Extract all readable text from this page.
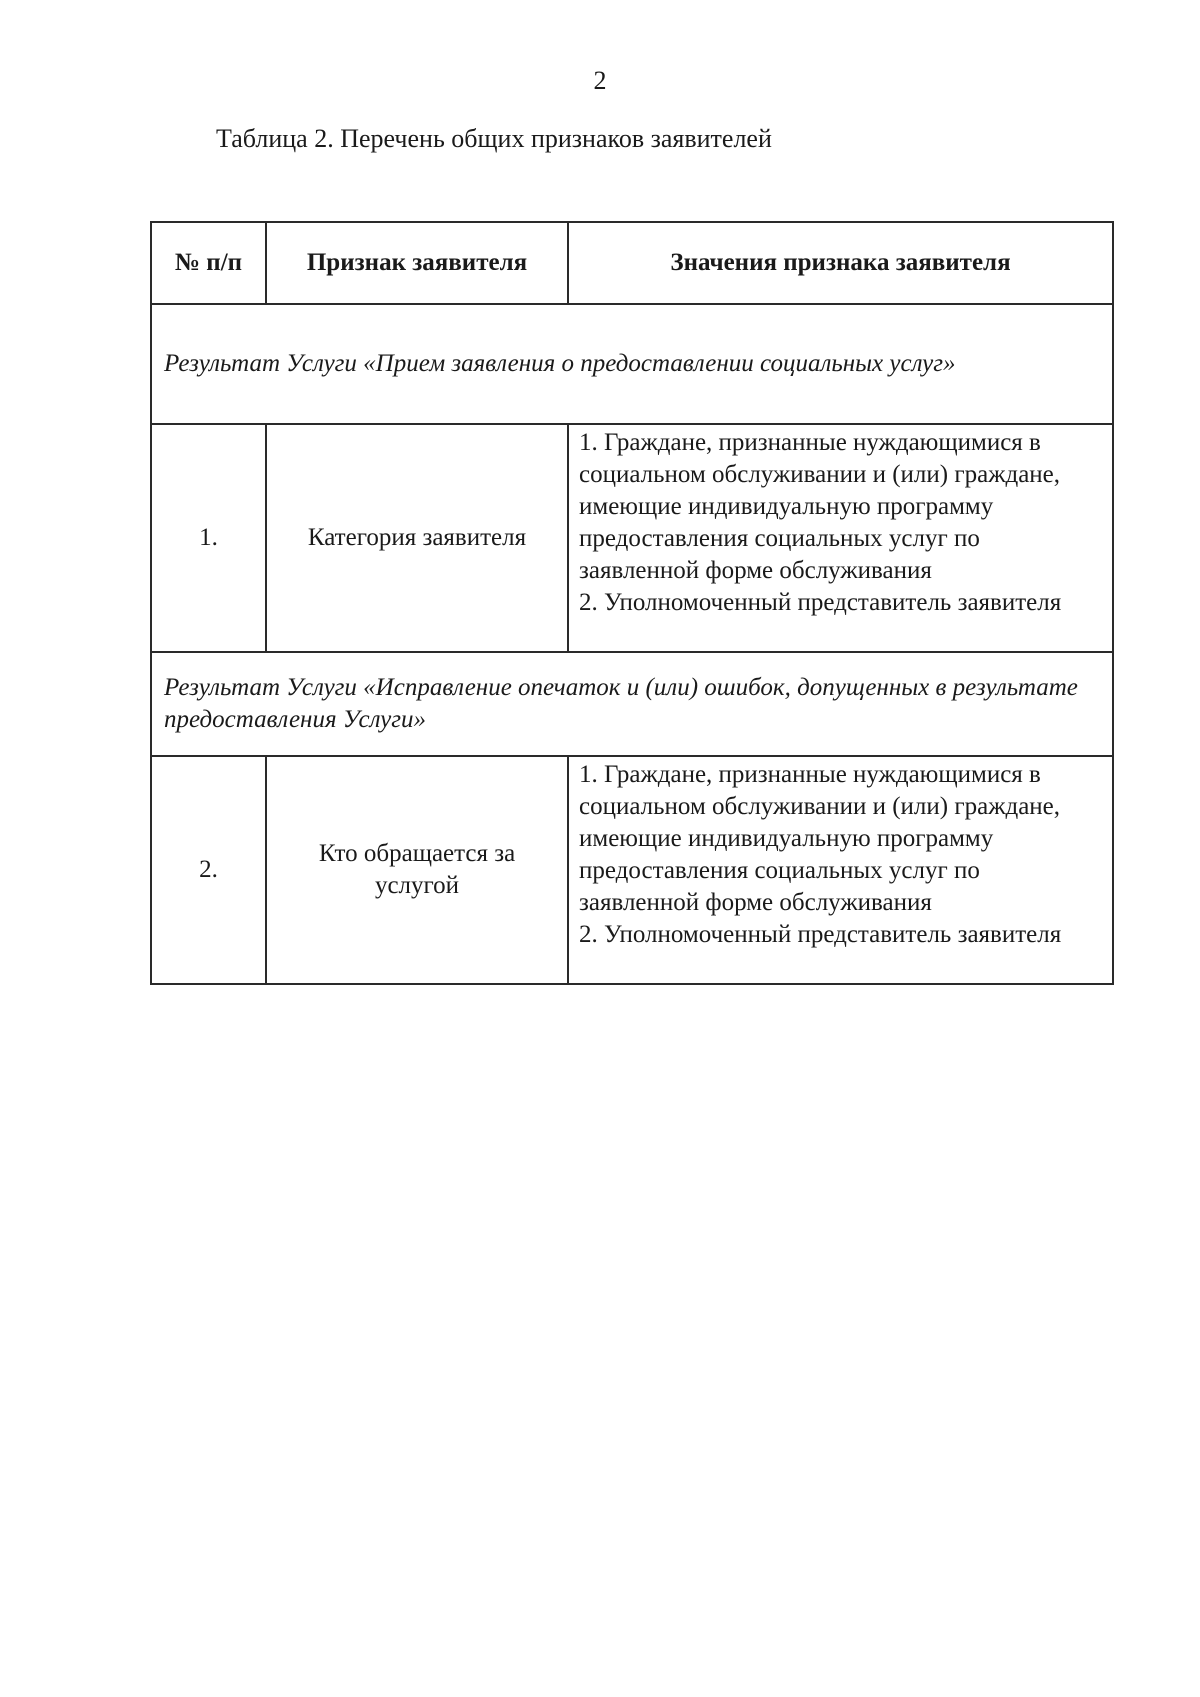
2
Таблица 2. Перечень общих признаков заявителей
№ п/п	Признак заявителя	Значения признака заявителя
Результат Услуги «Прием заявления о предоставлении социальных услуг»		
1.	Категория заявителя	1. Граждане, признанные нуждающимися в социальном обслуживании и (или) граждане, имеющие индивидуальную программу предоставления социальных услуг по заявленной форме обслуживания
2. Уполномоченный представитель заявителя

Результат Услуги «Исправление опечаток и (или) ошибок, допущенных в результате предоставления Услуги»		
2.	Кто обращается за услугой	1. Граждане, признанные нуждающимися в социальном обслуживании и (или) граждане, имеющие индивидуальную программу предоставления социальных услуг по заявленной форме обслуживания
2. Уполномоченный представитель заявителя
